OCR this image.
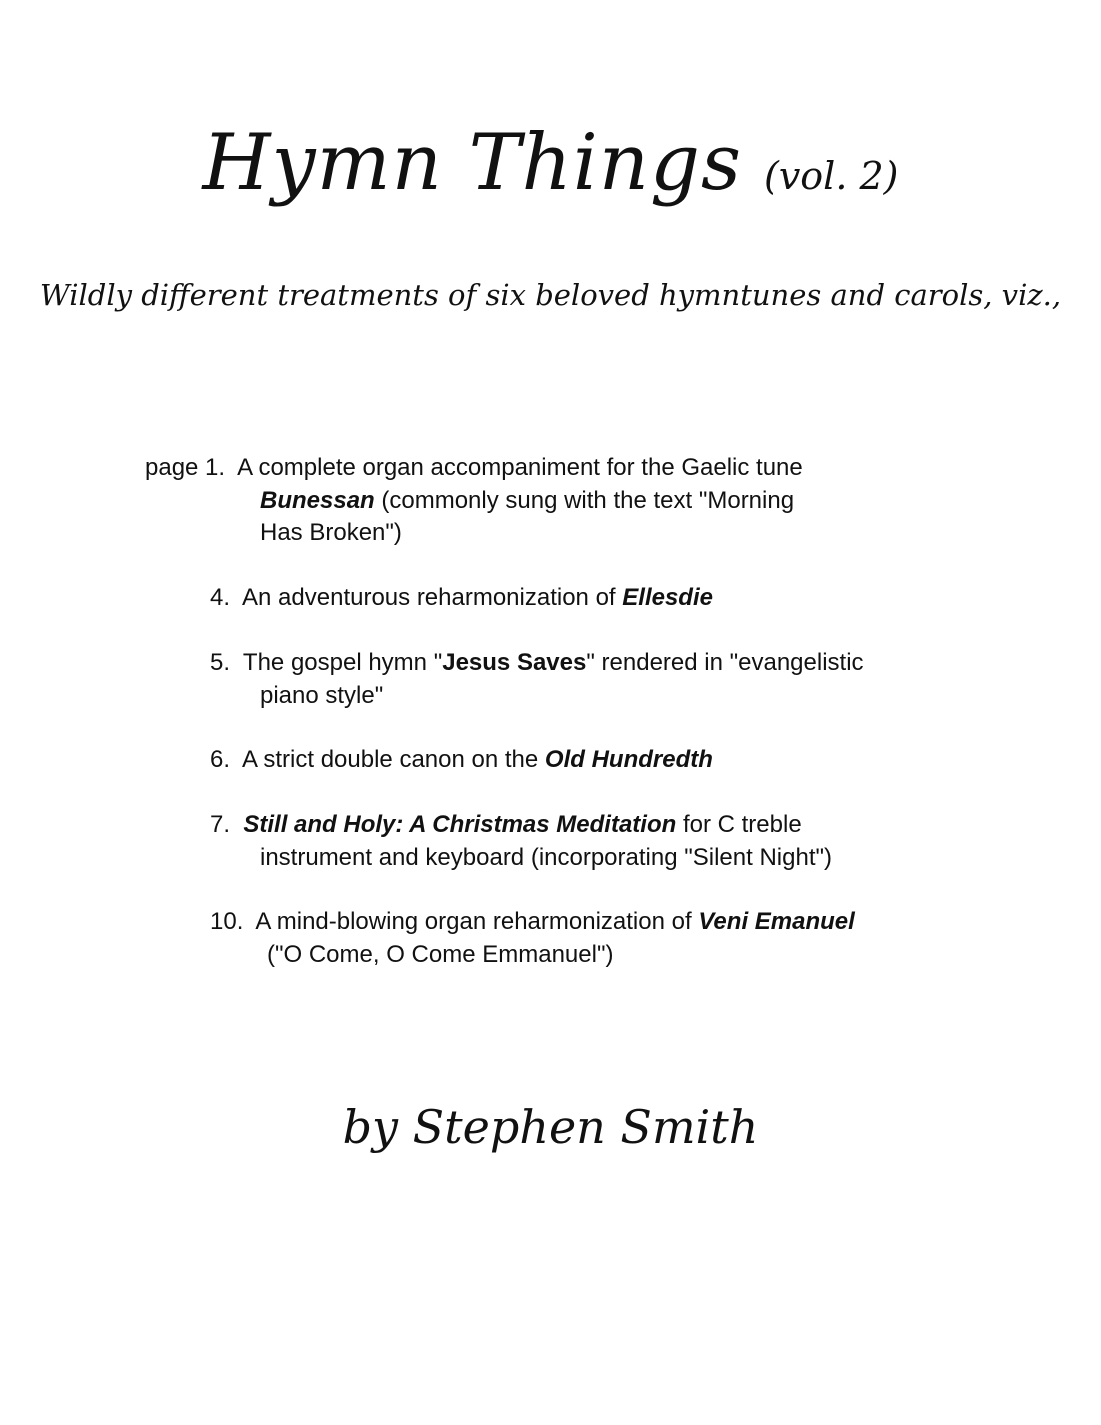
Hymn Things (vol. 2)
Wildly different treatments of six beloved hymntunes and carols, viz.,
page 1. A complete organ accompaniment for the Gaelic tune
Bunessan (commonly sung with the text "Morning
Has Broken")
4. An adventurous reharmonization of Ellesdie
5. The gospel hymn "Jesus Saves" rendered in "evangelistic
piano style"
6. A strict double canon on the Old Hundredth
7. Still and Holy: A Christmas Meditation for C treble
instrument and keyboard (incorporating "Silent Night")
10. A mind-blowing organ reharmonization of Veni Emanuel
("O Come, O Come Emmanuel")
by Stephen Smith
